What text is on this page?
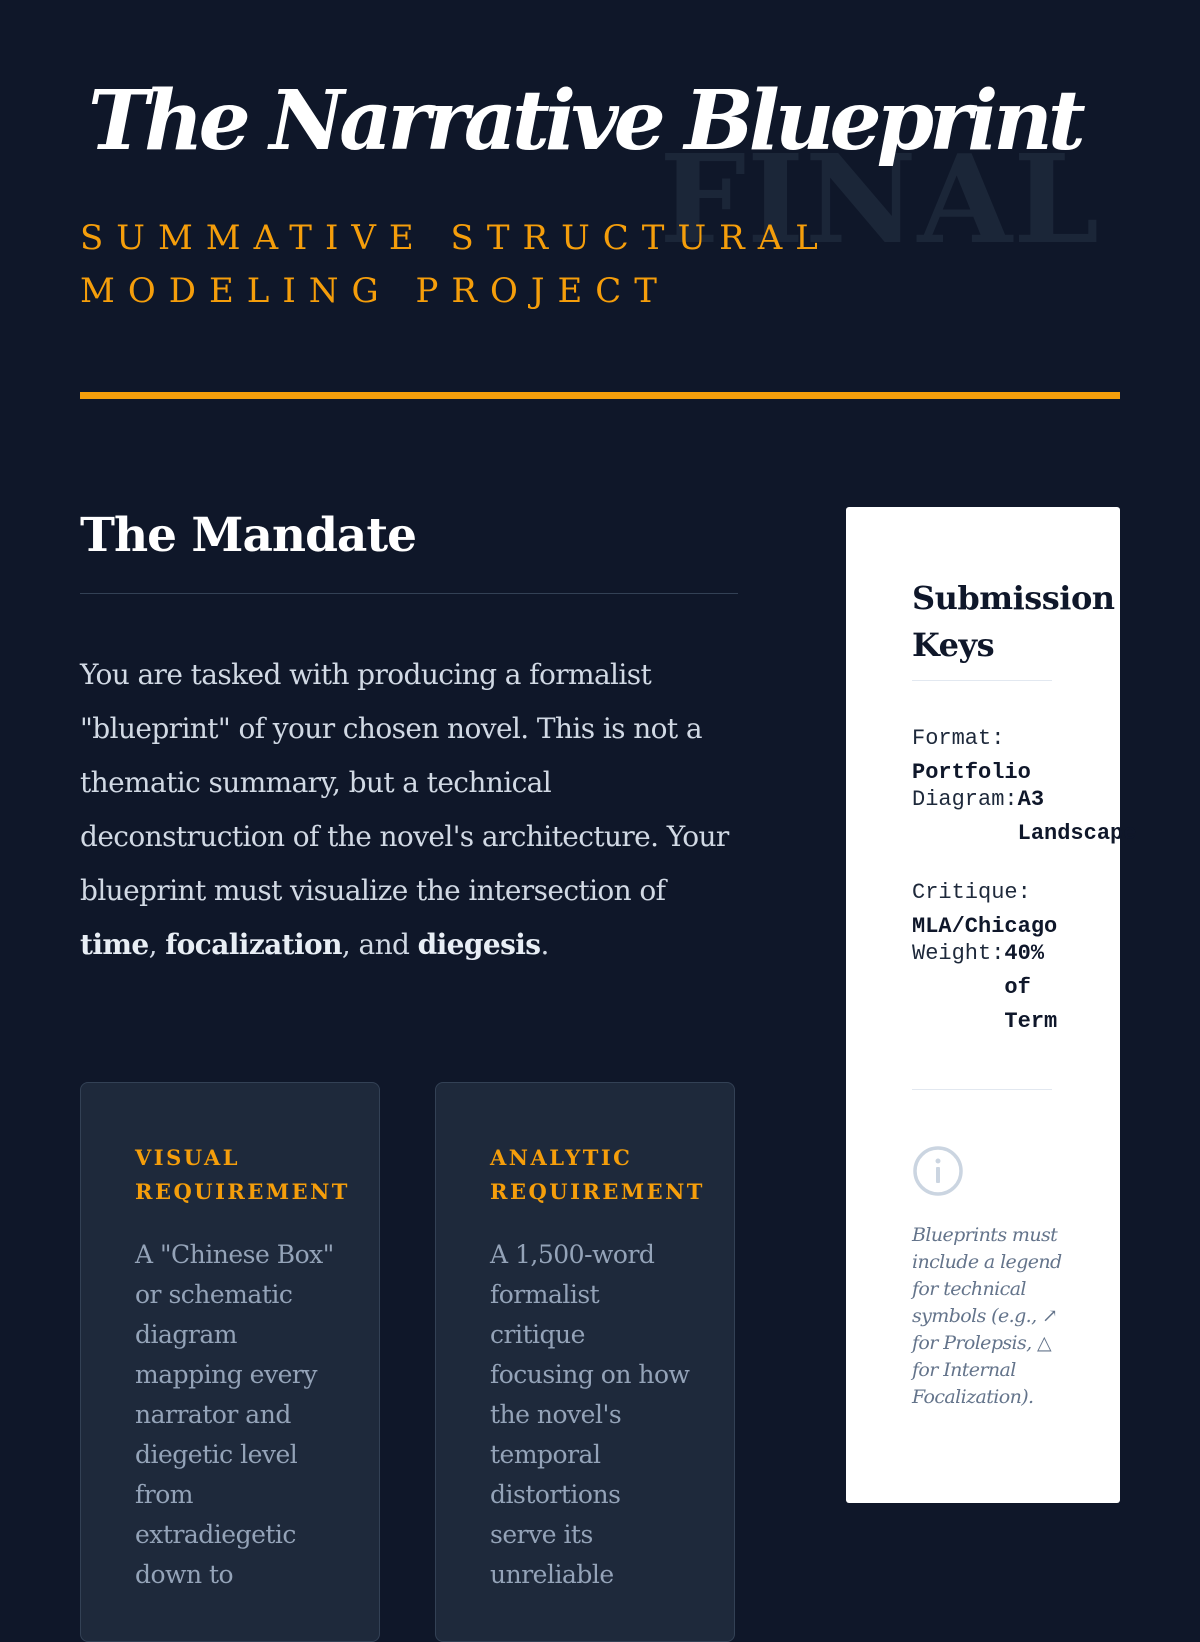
FINAL
The Narrative Blueprint

SUMMATIVE STRUCTURAL MODELING PROJECT

The Mandate

You are tasked with producing a formalist "blueprint" of your chosen novel. This is not a thematic summary, but a technical deconstruction of the novel's architecture. Your blueprint must visualize the intersection of time, focalization, and diegesis.

VISUAL REQUIREMENT

A "Chinese Box" or schematic diagram mapping every narrator and diegetic level from extradiegetic down to

ANALYTIC REQUIREMENT

A 1,500-word formalist critique focusing on how the novel's temporal distortions serve its unreliable

Submission Keys
Format:
Portfolio
Diagram: A3 Landscape
Critique:
MLA/Chicago
Weight: 40% of Term

Blueprints must include a legend for technical symbols (e.g., ↗ for Prolepsis, △ for Internal Focalization).
